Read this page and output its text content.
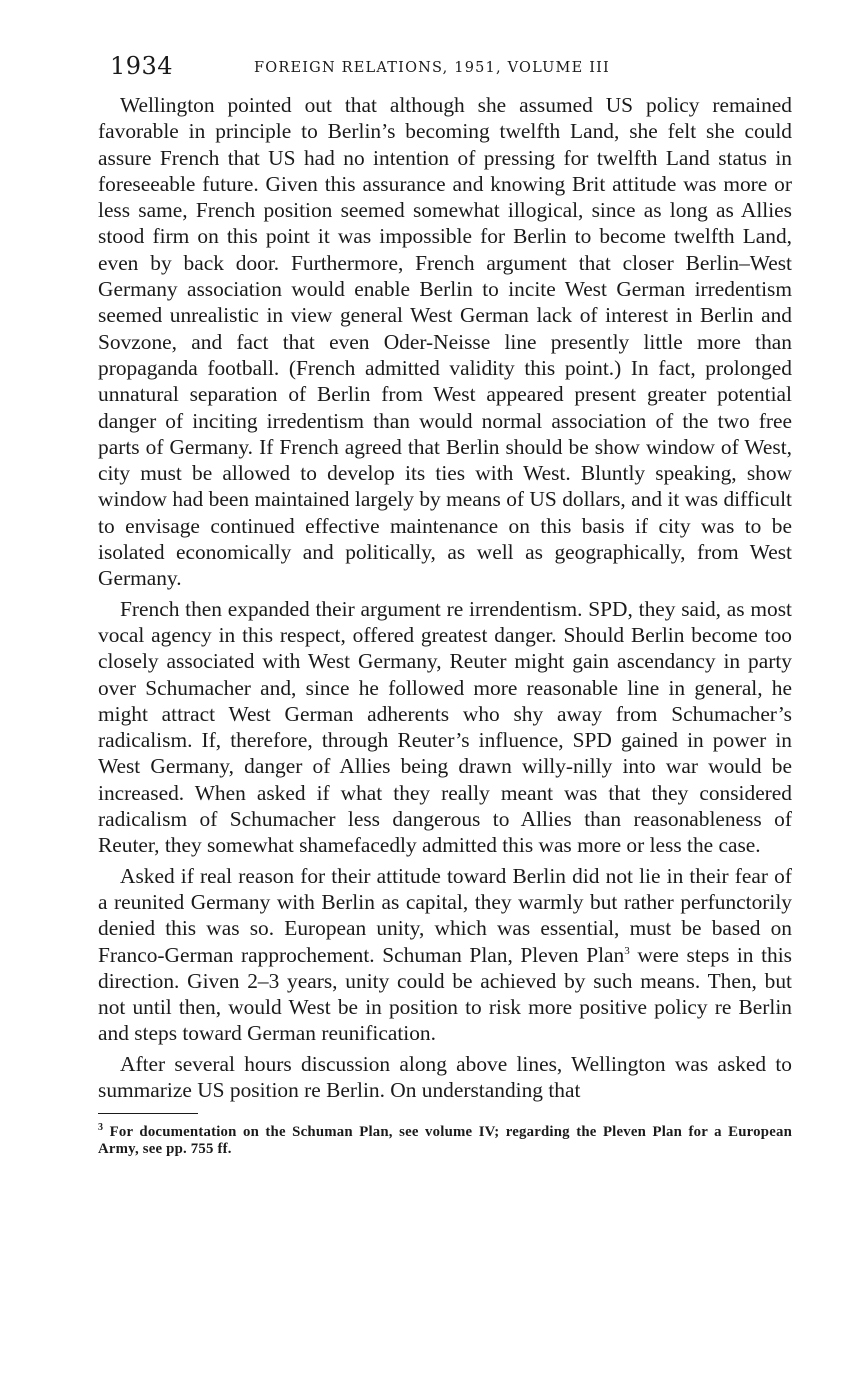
1934	FOREIGN RELATIONS, 1951, VOLUME III

Wellington pointed out that although she assumed US policy remained favorable in principle to Berlin’s becoming twelfth Land, she felt she could assure French that US had no intention of pressing for twelfth Land status in foreseeable future. Given this assurance and knowing Brit attitude was more or less same, French position seemed somewhat illogical, since as long as Allies stood firm on this point it was impossible for Berlin to become twelfth Land, even by back door. Furthermore, French argument that closer Berlin–West Germany association would enable Berlin to incite West German irredentism seemed unrealistic in view general West German lack of interest in Berlin and Sovzone, and fact that even Oder-Neisse line presently little more than propaganda football. (French admitted validity this point.) In fact, prolonged unnatural separation of Berlin from West appeared present greater potential danger of inciting irredentism than would normal association of the two free parts of Germany. If French agreed that Berlin should be show window of West, city must be allowed to develop its ties with West. Bluntly speaking, show window had been maintained largely by means of US dollars, and it was difficult to envisage continued effective maintenance on this basis if city was to be isolated economically and politically, as well as geographically, from West Germany.

French then expanded their argument re irrendentism. SPD, they said, as most vocal agency in this respect, offered greatest danger. Should Berlin become too closely associated with West Germany, Reuter might gain ascendancy in party over Schumacher and, since he followed more reasonable line in general, he might attract West German adherents who shy away from Schumacher’s radicalism. If, therefore, through Reuter’s influence, SPD gained in power in West Germany, danger of Allies being drawn willy-nilly into war would be increased. When asked if what they really meant was that they considered radicalism of Schumacher less dangerous to Allies than reasonableness of Reuter, they somewhat shamefacedly admitted this was more or less the case.

Asked if real reason for their attitude toward Berlin did not lie in their fear of a reunited Germany with Berlin as capital, they warmly but rather perfunctorily denied this was so. European unity, which was essential, must be based on Franco-German rapprochement. Schuman Plan, Pleven Plan$^3$ were steps in this direction. Given 2–3 years, unity could be achieved by such means. Then, but not until then, would West be in position to risk more positive policy re Berlin and steps toward German reunification.

After several hours discussion along above lines, Wellington was asked to summarize US position re Berlin. On understanding that

$^3$ For documentation on the Schuman Plan, see volume IV; regarding the Pleven Plan for a European Army, see pp. 755 ff.
